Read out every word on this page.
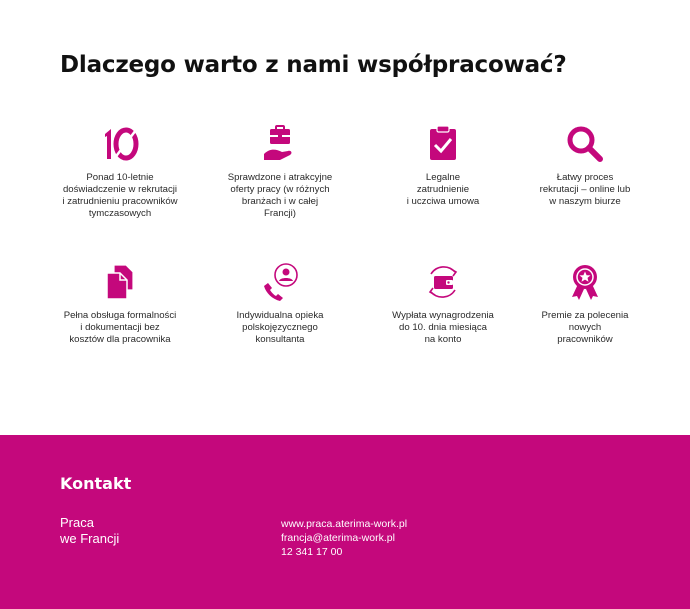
Dlaczego warto z nami współpracować?
Ponad 10-letnie
doświadczenie w rekrutacji
i zatrudnieniu pracowników
tymczasowych
Sprawdzone i atrakcyjne
oferty pracy (w różnych
branżach i w całej
Francji)
Legalne
zatrudnienie
i uczciwa umowa
Łatwy proces
rekrutacji – online lub
w naszym biurze
Pełna obsługa formalności
i dokumentacji bez
kosztów dla pracownika
Indywidualna opieka
polskojęzycznego
konsultanta
Wypłata wynagrodzenia
do 10. dnia miesiąca
na konto
Premie za polecenia
nowych
pracowników
Kontakt
Praca
we Francji
www.praca.aterima-work.pl
francja@aterima-work.pl
12 341 17 00
